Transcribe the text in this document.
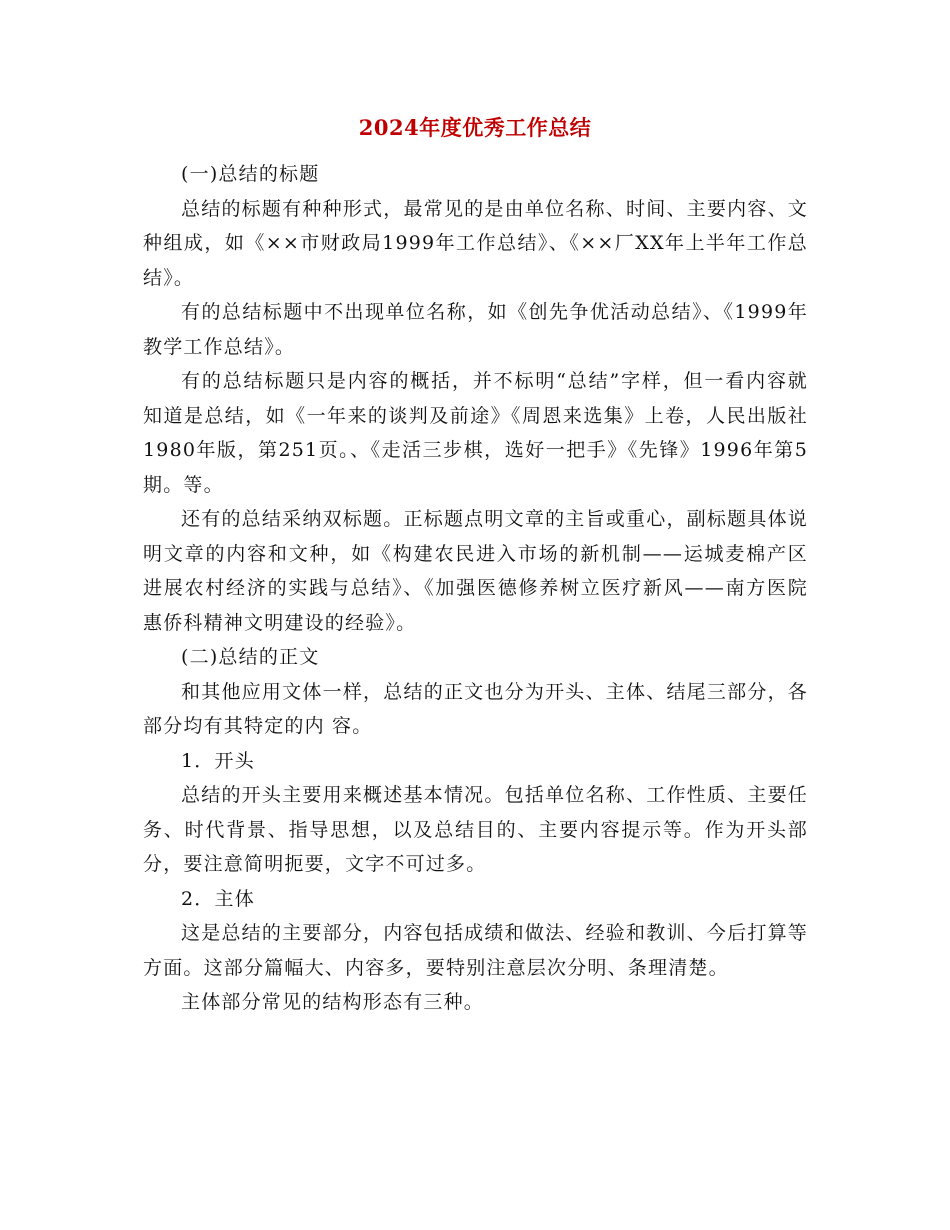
2024年度优秀工作总结

(一)总结的标题

总结的标题有种种形式，最常见的是由单位名称、时间、主要内容、文种组成，如《××市财政局1999年工作总结》、《××厂XX年上半年工作总结》。

有的总结标题中不出现单位名称，如《创先争优活动总结》、《1999年教学工作总结》。

有的总结标题只是内容的概括，并不标明“总结”字样，但一看内容就知道是总结，如《一年来的谈判及前途》《周恩来选集》上卷，人民出版社1980年版，第251页。、《走活三步棋，选好一把手》《先锋》1996年第5期。等。

还有的总结采纳双标题。正标题点明文章的主旨或重心，副标题具体说明文章的内容和文种，如《构建农民进入市场的新机制——运城麦棉产区进展农村经济的实践与总结》、《加强医德修养树立医疗新风——南方医院惠侨科精神文明建设的经验》。

(二)总结的正文

和其他应用文体一样，总结的正文也分为开头、主体、结尾三部分，各部分均有其特定的内 容。

1．开头

总结的开头主要用来概述基本情况。包括单位名称、工作性质、主要任务、时代背景、指导思想，以及总结目的、主要内容提示等。作为开头部分，要注意简明扼要，文字不可过多。

2．主体

这是总结的主要部分，内容包括成绩和做法、经验和教训、今后打算等方面。这部分篇幅大、内容多，要特别注意层次分明、条理清楚。

主体部分常见的结构形态有三种。
